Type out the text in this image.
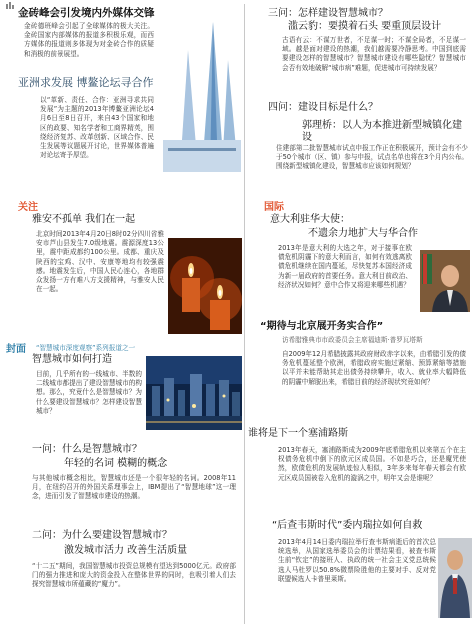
金砖峰会引发境内外媒体交锋

金砖德班峰会引起了全球媒体的极大关注。金砖国家内部媒体的报道多积极乐观，而西方媒体的报道则多体现为对金砖合作的质疑和消极的前景展望。

亚洲求发展 博鳌论坛寻合作

以“革新、责任、合作：亚洲寻求共同发展”为主题的2013年博鳌亚洲论坛4月6日至8日召开，来自43个国家和地区的政要、知名学者和工商界精英，围绕经济复苏、改革创新、区域合作、民生发展等议题展开讨论，世界媒体普遍对论坛寄予厚望。

关注

雅安不孤单 我们在一起

北京时间2013年4月20日8时02分四川省雅安市芦山县发生7.0级地震。震源深度13公里，震中距成都约100公里。成都、重庆及陕西的宝鸡、汉中、安康等地均有较强震感。地震发生后，中国人民心连心，各地群众发扬一方有难八方支援精神，与雅安人民在一起。

封面 “智慧城市深度观察”系列报道之一

智慧城市如何打造

目前，几乎所有的一线城市、半数的二线城市都提出了建设智慧城市的构想。那么，究竟什么是智慧城市？为什么要建设智慧城市？怎样建设智慧城市？

一问：什么是智慧城市？

年轻的名词 模糊的概念

与其他城市概念相比，智慧城市还是一个很年轻的名词。2008年11月，在纽约召开的外国关系理事会上，IBM提出了“智慧地球”这一理念，进而引发了智慧城市建设的热潮。

二问：为什么要建设智慧城市？

激发城市活力 改善生活质量

“十二五”期间，我国智慧城市投资总规模有望达到5000亿元。政府部门的强力推进和庞大的资金投入在整体世界的同时，也吸引着人们去探究智慧城市所蕴藏的“魔力”。

三问：怎样建设智慧城市？

滥云豹：要摸着石头 要重顶层设计

古语有云：不谋万世者，不足谋一时；不谋全局者，不足谋一域。越是面对建设的热潮，我们越需要冷静思考。中国到底需要建设怎样的智慧城市？智慧城市建设有哪些隐忧？智慧城市会否有效地破解“城市病”难题，促进城市可持续发展？

四问：建设目标是什么？

郭理桥：以人为本推进新型城镇化建设

住建部第二批智慧城市试点申报工作正在积极展开，预计会有不少于50个城市（区、镇）参与申报，试点名单也将在3个月内公布。围绕新型城镇化建设，智慧城市应该如何规划？

国际

意大利驻华大使：

不遗余力地扩大与华合作

2013年是意大利的大选之年，对于接事在欧债危机阴霾下的意大利而言，如何有效逃离欧债危机继续在国内蔓延，尽快复苏本国经济成为新一届政府的首要任务。意大利目前政治、经济状况如何？意中合作又将迎来哪些机遇？

“期待与北京展开务实合作”

访希腊雅典市市政委员会主席福迪斯·普罗瓦塔斯

自2009年12月希腊披露其政府财政赤字以来，由希腊引发的债务危机蔓延整个欧洲，希腊政府实施过紧缩、预算紧缩等措施以平并未能帮助其走出债务持续攀升，收入、就业率大幅降低的阴霾中解脱出来，希腊目前的经济现状究竟如何？

谁将是下一个塞浦路斯

2013年春天，塞浦路斯成为2009年底希腊危机以来第五个在主权债务危机中倒下的欧元区成员国。不如是巧合，还是魔咒使然，欧债危机的发展轨迹惊人相似，3年多来每年春天都会有欧元区成员国被卷入危机的漩涡之中，明年又会是谁呢？

“后查韦斯时代”委内瑞拉如何自救

2013年4月14日委内瑞拉举行查韦斯病逝后的首次总统选举，从国家选举委员会的计票结果看，被查韦斯生前“钦定”的接班人、执政的统一社会主义党总统候选人马杜罗以50.8%微票险胜他的主要对手、反对党联盟候选人卡普里莱斯。
